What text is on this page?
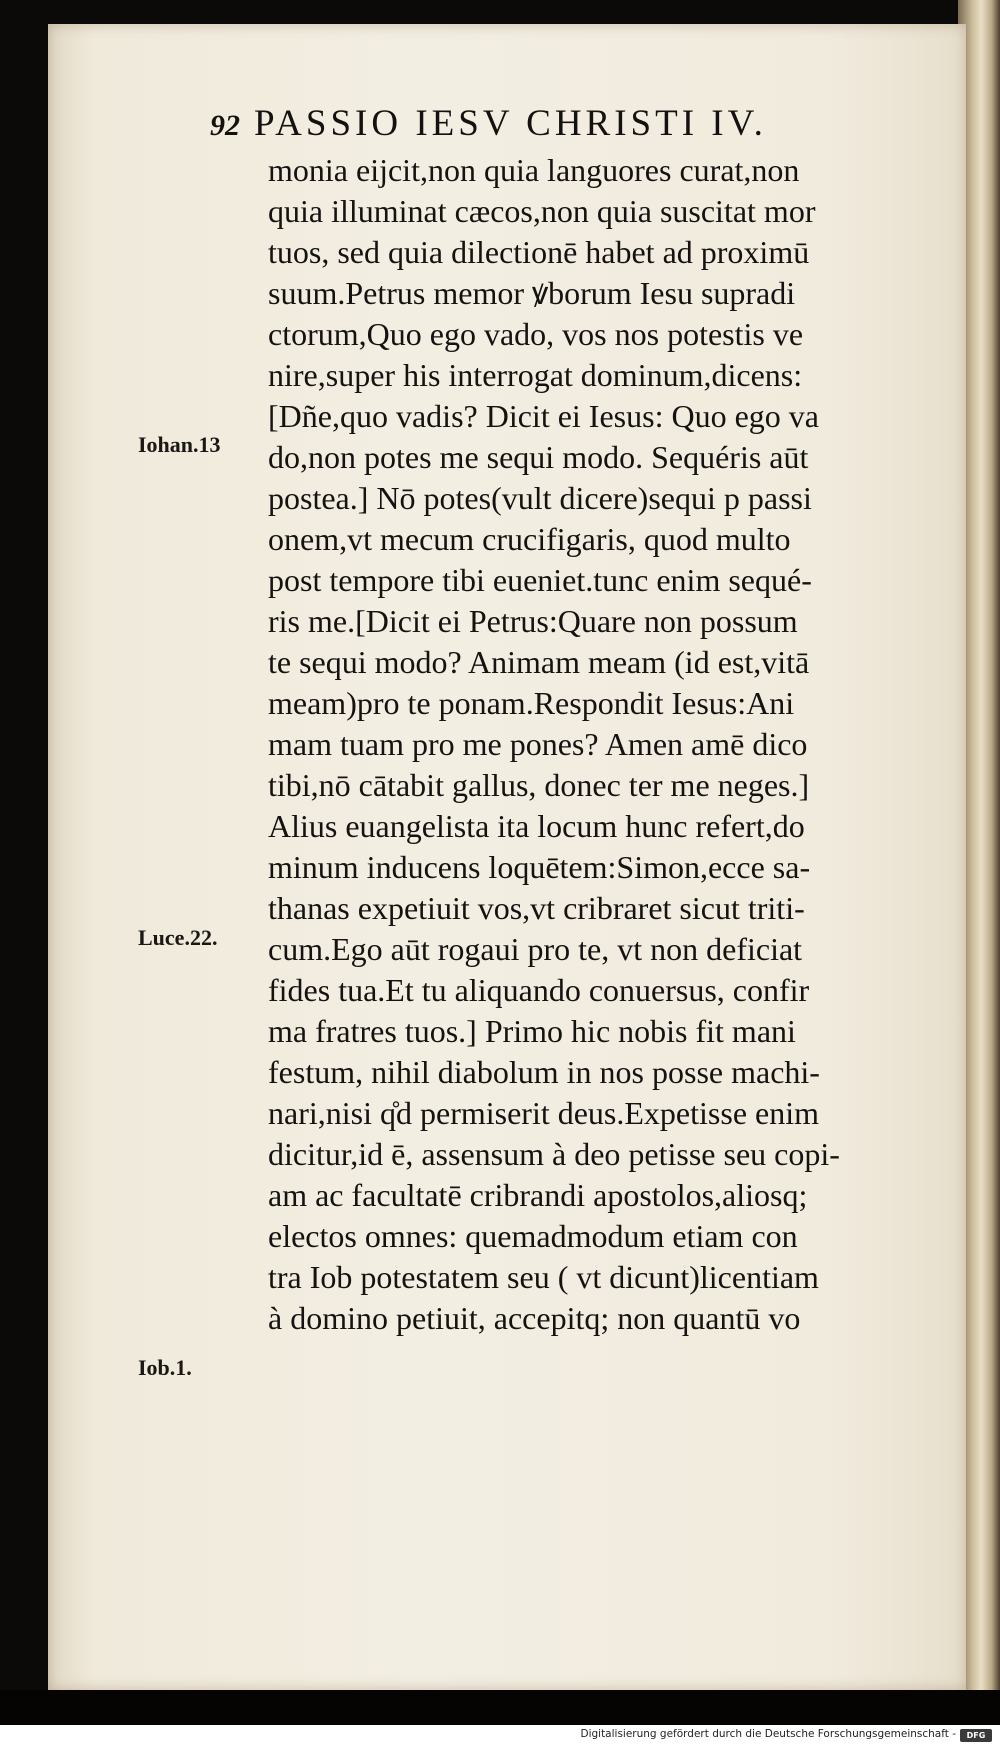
92 PASSIO IESV CHRISTI IV.
monia eijcit,non quia languores curat,non
quia illuminat cæcos,non quia suscitat mor
tuos, sed quia dilectionē habet ad proximū
suum.Petrus memor ꝟborum Iesu supradi
ctorum,Quo ego vado, vos nos potestis ve
nire,super his interrogat dominum,dicens:
[Dñe,quo vadis? Dicit ei Iesus: Quo ego va
do,non potes me sequi modo. Sequéris aūt
postea.] Nō potes(vult dicere)sequi p passi
onem,vt mecum crucifigaris, quod multo
post tempore tibi eueniet.tunc enim sequé-
ris me.[Dicit ei Petrus:Quare non possum
te sequi modo? Animam meam (id est,vitā
meam)pro te ponam.Respondit Iesus:Ani
mam tuam pro me pones? Amen amē dico
tibi,nō cātabit gallus, donec ter me neges.]
Alius euangelista ita locum hunc refert,do
minum inducens loquētem:Simon,ecce sa-
thanas expetiuit vos,vt cribraret sicut triti-
cum.Ego aūt rogaui pro te, vt non deficiat
fides tua.Et tu aliquando conuersus, confir
ma fratres tuos.] Primo hic nobis fit mani
festum, nihil diabolum in nos posse machi-
nari,nisi q̊d permiserit deus.Expetisse enim
dicitur,id ē, assensum à deo petisse seu copi-
am ac facultatē cribrandi apostolos,aliosq;
electos omnes: quemadmodum etiam con
tra Iob potestatem seu ( vt dicunt)licentiam
à domino petiuit, accepitq; non quantū vo
Iohan.13
Luce.22.
Iob.1.
Digitalisierung gefördert durch die Deutsche Forschungsgemeinschaft -	DFG
